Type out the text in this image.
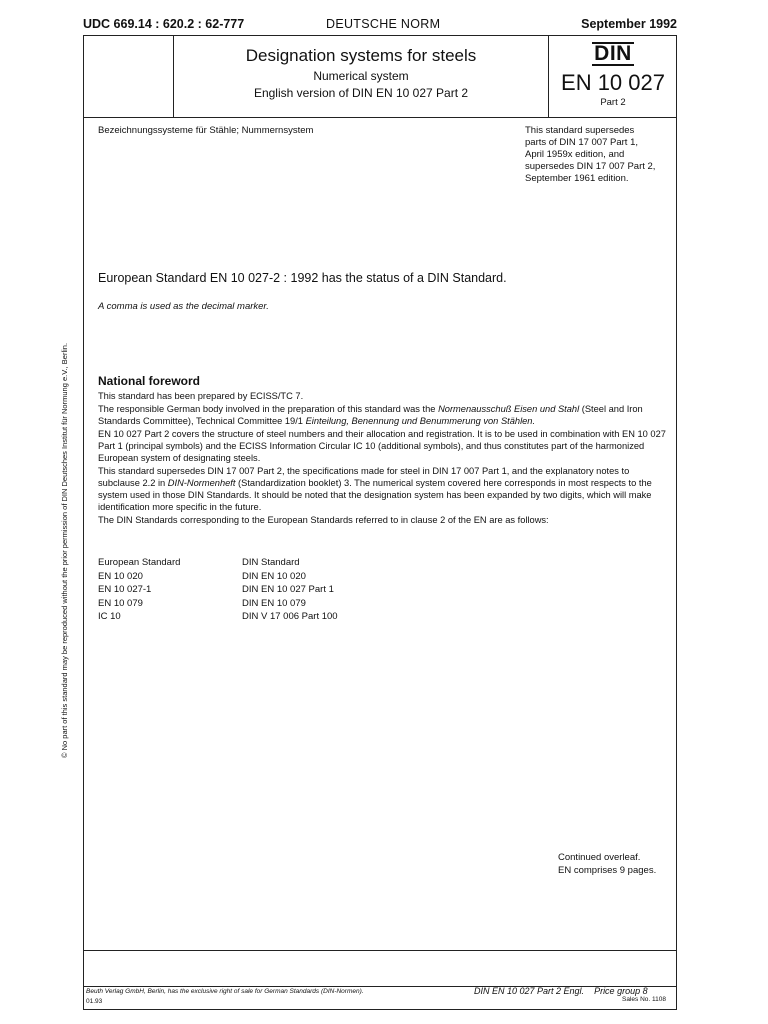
UDC 669.14 : 620.2 : 62-777	DEUTSCHE NORM	September 1992
© No part of this standard may be reproduced without the prior permission of DIN Deutsches Institut für Normung e.V., Berlin.
Designation systems for steels
Numerical system
English version of DIN EN 10 027 Part 2
DIN
EN 10 027
Part 2
Bezeichnungssysteme für Stähle; Nummernsystem	This standard supersedes
parts of DIN 17 007 Part 1,
April 1959x edition, and
supersedes DIN 17 007 Part 2,
September 1961 edition.
European Standard EN 10 027-2 : 1992 has the status of a DIN Standard.
A comma is used as the decimal marker.
National foreword

This standard has been prepared by ECISS/TC 7.

The responsible German body involved in the preparation of this standard was the Normenausschuß Eisen und Stahl (Steel and Iron Standards Committee), Technical Committee 19/1 Einteilung, Benennung und Benummerung von Stählen.

EN 10 027 Part 2 covers the structure of steel numbers and their allocation and registration. It is to be used in combination with EN 10 027 Part 1 (principal symbols) and the ECISS Information Circular IC 10 (additional symbols), and thus constitutes part of the harmonized European system of designating steels.

This standard supersedes DIN 17 007 Part 2, the specifications made for steel in DIN 17 007 Part 1, and the explanatory notes to subclause 2.2 in DIN-Normenheft (Standardization booklet) 3. The numerical system covered here corresponds in most respects to the system used in those DIN Standards. It should be noted that the designation system has been expanded by two digits, which will make identification more specific in the future.

The DIN Standards corresponding to the European Standards referred to in clause 2 of the EN are as follows:

European Standard	DIN Standard
EN 10 020	DIN EN 10 020
EN 10 027-1	DIN EN 10 027 Part 1
EN 10 079	DIN EN 10 079
IC 10	DIN V 17 006 Part 100
Continued overleaf.
EN comprises 9 pages.
Beuth Verlag GmbH, Berlin, has the exclusive right of sale for German Standards (DIN-Normen).
01.93
DIN EN 10 027 Part 2 Engl. Price group 8
Sales No. 1108
